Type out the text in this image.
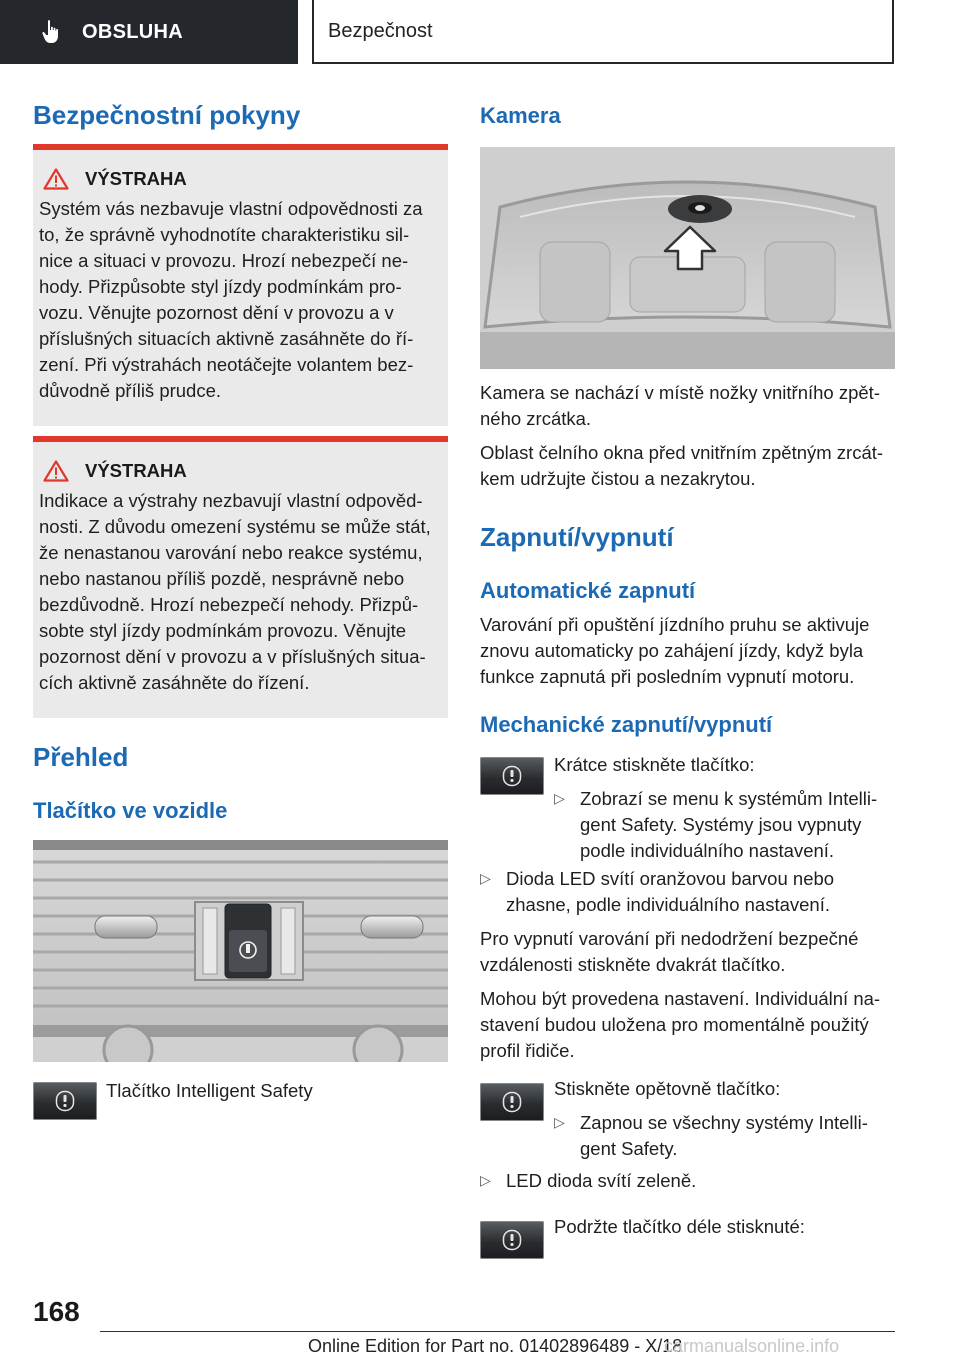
OBSLUHA	Bezpečnost
Bezpečnostní pokyny
VÝSTRAHA

Systém vás nezbavuje vlastní odpovědnosti za

to, že správně vyhodnotíte charakteristiku sil-

nice a situaci v provozu. Hrozí nebezpečí ne-

hody. Přizpůsobte styl jízdy podmínkám pro-

vozu. Věnujte pozornost dění v provozu a v

příslušných situacích aktivně zasáhněte do ří-

zení. Při výstrahách neotáčejte volantem bez-

důvodně příliš prudce.

VÝSTRAHA

Indikace a výstrahy nezbavují vlastní odpověd-

nosti. Z důvodu omezení systému se může stát,

že nenastanou varování nebo reakce systému,

nebo nastanou příliš pozdě, nesprávně nebo

bezdůvodně. Hrozí nebezpečí nehody. Přizpů-

sobte styl jízdy podmínkám provozu. Věnujte

pozornost dění v provozu a v příslušných situa-

cích aktivně zasáhněte do řízení.

Přehled
Tlačítko ve vozidle

Tlačítko Intelligent Safety

Kamera

Kamera se nachází v místě nožky vnitřního zpět-

ného zrcátka.

Oblast čelního okna před vnitřním zpětným zrcát-

kem udržujte čistou a nezakrytou.

Zapnutí/vypnutí
Automatické zapnutí

Varování při opuštění jízdního pruhu se aktivuje

znovu automaticky po zahájení jízdy, když byla

funkce zapnutá při posledním vypnutí motoru.

Mechanické zapnutí/vypnutí

Krátce stiskněte tlačítko:

▷ Zobrazí se menu k systémům Intelli-

gent Safety. Systémy jsou vypnuty

podle individuálního nastavení.

▷ Dioda LED svítí oranžovou barvou nebo

zhasne, podle individuálního nastavení.

Pro vypnutí varování při nedodržení bezpečné

vzdálenosti stiskněte dvakrát tlačítko.

Mohou být provedena nastavení. Individuální na-

stavení budou uložena pro momentálně použitý

profil řidiče.

Stiskněte opětovně tlačítko:

▷ Zapnou se všechny systémy Intelli-

gent Safety.

▷ LED dioda svítí zeleně.

Podržte tlačítko déle stisknuté:

168
Online Edition for Part no. 01402896489 - X/18
carmanualsonline.info
